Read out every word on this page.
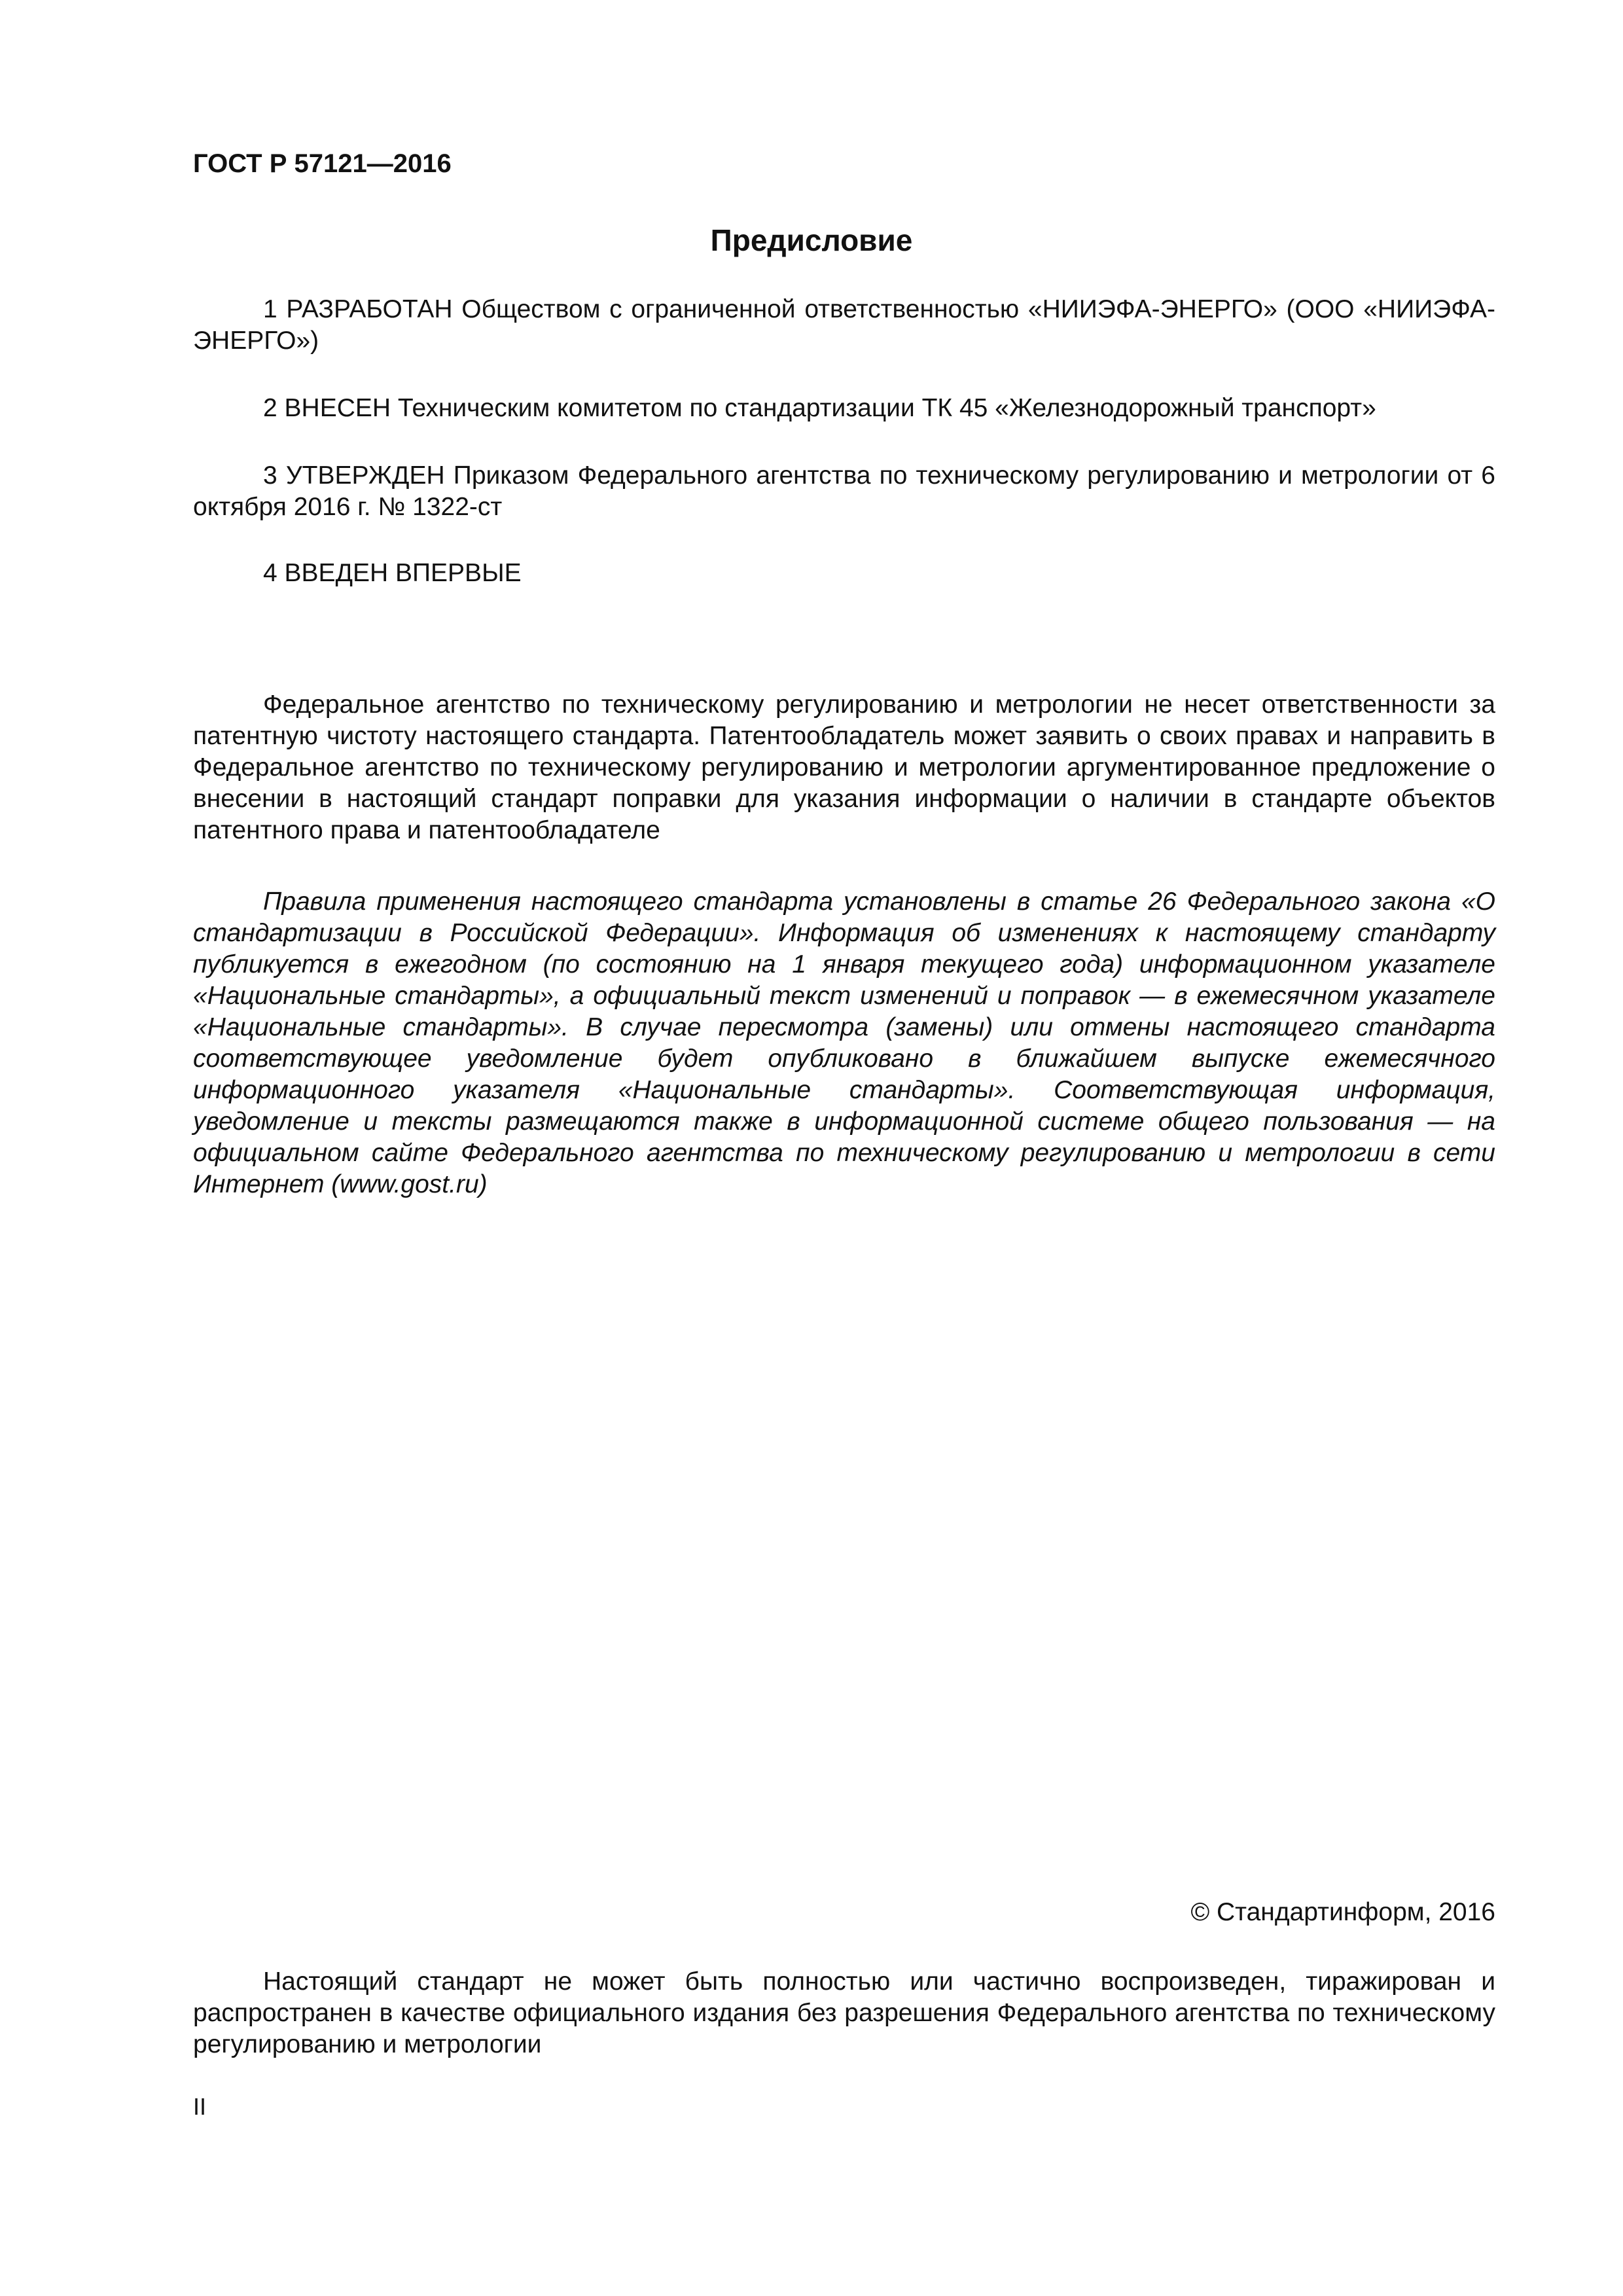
ГОСТ Р 57121—2016

Предисловие

1 РАЗРАБОТАН Обществом с ограниченной ответственностью «НИИЭФА-ЭНЕРГО» (ООО «НИИЭФА-ЭНЕРГО»)

2 ВНЕСЕН Техническим комитетом по стандартизации ТК 45 «Железнодорожный транспорт»

3 УТВЕРЖДЕН Приказом Федерального агентства по техническому регулированию и метрологии от 6 октября 2016 г. № 1322-ст

4 ВВЕДЕН ВПЕРВЫЕ

Федеральное агентство по техническому регулированию и метрологии не несет ответственности за патентную чистоту настоящего стандарта. Патентообладатель может заявить о своих правах и направить в Федеральное агентство по техническому регулированию и метрологии аргументированное предложение о внесении в настоящий стандарт поправки для указания информации о наличии в стандарте объектов патентного права и патентообладателе

Правила применения настоящего стандарта установлены в статье 26 Федерального закона «О стандартизации в Российской Федерации». Информация об изменениях к настоящему стандарту публикуется в ежегодном (по состоянию на 1 января текущего года) информационном указателе «Национальные стандарты», а официальный текст изменений и поправок — в ежемесячном указателе «Национальные стандарты». В случае пересмотра (замены) или отмены настоящего стандарта соответствующее уведомление будет опубликовано в ближайшем выпуске ежемесячного информационного указателя «Национальные стандарты». Соответствующая информация, уведомление и тексты размещаются также в информационной системе общего пользования — на официальном сайте Федерального агентства по техническому регулированию и метрологии в сети Интернет (www.gost.ru)

© Стандартинформ, 2016

Настоящий стандарт не может быть полностью или частично воспроизведен, тиражирован и распространен в качестве официального издания без разрешения Федерального агентства по техническому регулированию и метрологии

II
